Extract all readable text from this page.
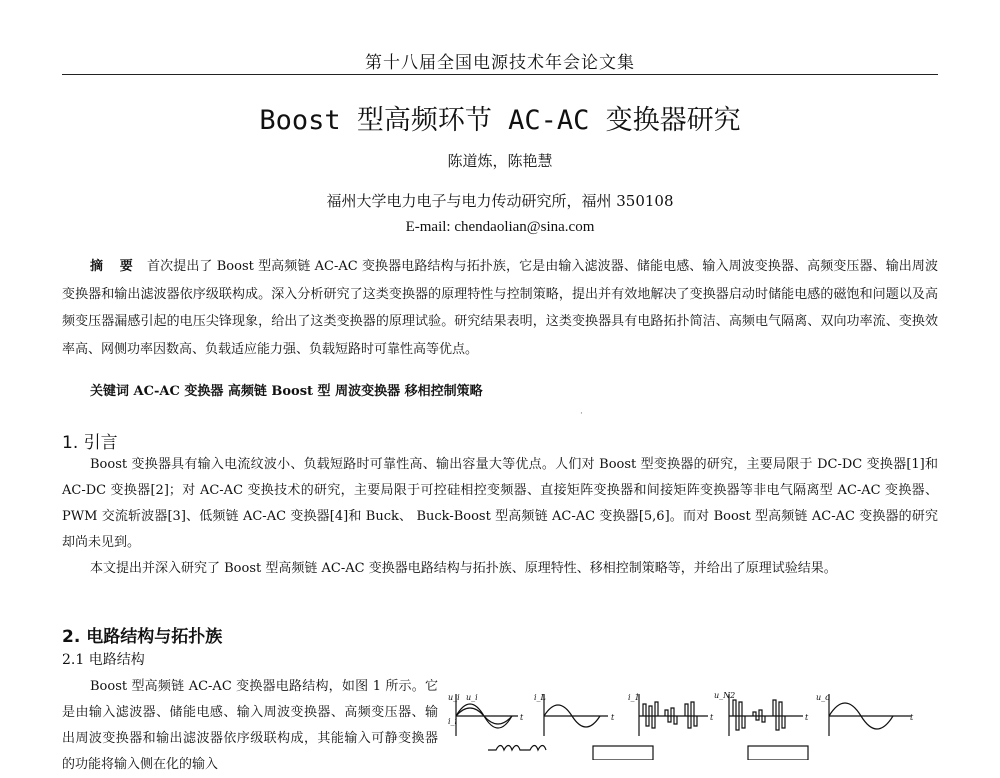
第十八届全国电源技术年会论文集
Boost 型高频环节 AC-AC 变换器研究
陈道炼，陈艳慧
福州大学电力电子与电力传动研究所，福州 350108
E-mail: chendaolian@sina.com
摘 要 首次提出了 Boost 型高频链 AC-AC 变换器电路结构与拓扑族，它是由输入滤波器、储能电感、输入周波变换器、高频变压器、输出周波变换器和输出滤波器依序级联构成。深入分析研究了这类变换器的原理特性与控制策略，提出并有效地解决了变换器启动时储能电感的磁饱和问题以及高频变压器漏感引起的电压尖锋现象，给出了这类变换器的原理试验。研究结果表明，这类变换器具有电路拓扑简洁、高频电气隔离、双向功率流、变换效率高、网侧功率因数高、负载适应能力强、负载短路时可靠性高等优点。
关键词 AC-AC 变换器 高频链 Boost 型 周波变换器 移相控制策略
·
1. 引言

Boost 变换器具有输入电流纹波小、负载短路时可靠性高、输出容量大等优点。人们对 Boost 型变换器的研究，主要局限于 DC-DC 变换器[1]和 AC-DC 变换器[2]；对 AC-AC 变换技术的研究，主要局限于可控硅相控变频器、直接矩阵变换器和间接矩阵变换器等非电气隔离型 AC-AC 变换器、PWM 交流斩波器[3]、低频链 AC-AC 变换器[4]和 Buck、 Buck-Boost 型高频链 AC-AC 变换器[5,6]。而对 Boost 型高频链 AC-AC 变换器的研究却尚未见到。

本文提出并深入研究了 Boost 型高频链 AC-AC 变换器电路结构与拓扑族、原理特性、移相控制策略等，并给出了原理试验结果。

2. 电路结构与拓扑族
2.1 电路结构

Boost 型高频链 AC-AC 变换器电路结构，如图 1 所示。它是由输入滤波器、储能电感、输入周波变换器、高频变压器、输出周波变换器和输出滤波器依序级联构成，其能输入可静变換器的功能将输入侧在化的输入

u_i
i_i
u_i
t
i_L
t
i_1
t
u_N2
t
u_o
t
